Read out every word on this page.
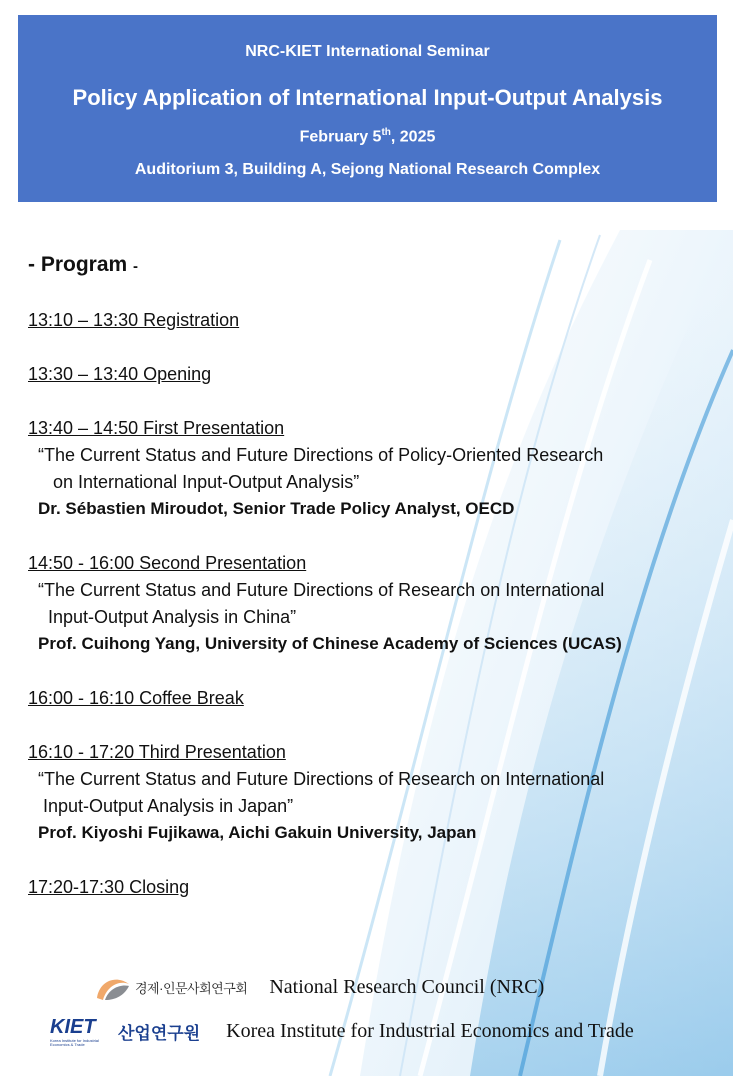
NRC-KIET International Seminar
Policy Application of International Input-Output Analysis
February 5th, 2025
Auditorium 3, Building A, Sejong National Research Complex
- Program -
13:10 – 13:30 Registration
13:30 – 13:40 Opening
13:40 – 14:50 First Presentation
“The Current Status and Future Directions of Policy-Oriented Research
on International Input-Output Analysis”
Dr. Sébastien Miroudot, Senior Trade Policy Analyst, OECD
14:50 - 16:00 Second Presentation
“The Current Status and Future Directions of Research on International
Input-Output Analysis in China”
Prof. Cuihong Yang, University of Chinese Academy of Sciences (UCAS)
16:00 - 16:10 Coffee Break
16:10 - 17:20 Third Presentation
“The Current Status and Future Directions of Research on International
Input-Output Analysis in Japan”
Prof. Kiyoshi Fujikawa, Aichi Gakuin University, Japan
17:20-17:30 Closing
경제·인문사회연구회 National Research Council (NRC)
KIET
Korea Institute for Industrial Economics & Trade
산업연구원 Korea Institute for Industrial Economics and Trade
